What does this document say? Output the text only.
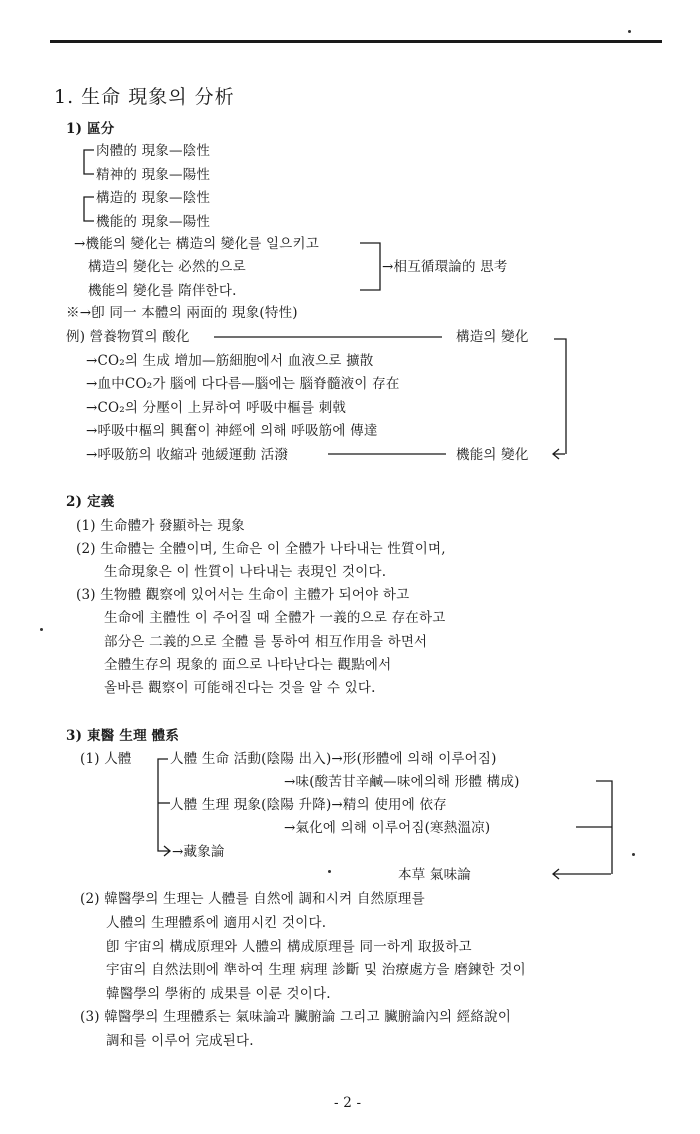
1. 生命 現象의 分析
1) 區分
肉體的 現象—陰性
精神的 現象—陽性
構造的 現象—陰性
機能的 現象—陽性
→機能의 變化는 構造의 變化를 일으키고
構造의 變化는 必然的으로
機能의 變化를 隋伴한다.
→相互循環論的 思考
※→卽 同一 本體의 兩面的 現象(特性)
例) 營養物質의 酸化	構造의 變化
→CO₂의 生成 增加—筋細胞에서 血液으로 擴散
→血中CO₂가 腦에 다다름—腦에는 腦脊髓液이 存在
→CO₂의 分壓이 上昇하여 呼吸中樞를 刺戟
→呼吸中樞의 興奮이 神經에 의해 呼吸筋에 傳達
→呼吸筋의 收縮과 弛緩運動 活潑	機能의 變化
2) 定義
(1) 生命體가 發顯하는 現象
(2) 生命體는 全體이며, 生命은 이 全體가 나타내는 性質이며,
生命現象은 이 性質이 나타내는 表現인 것이다.
(3) 生物體 觀察에 있어서는 生命이 主體가 되어야 하고
生命에 主體性 이 주어질 때 全體가 一義的으로 存在하고
部分은 二義的으로 全體 를 통하여 相互作用을 하면서
全體生存의 現象的 面으로 나타난다는 觀點에서
올바른 觀察이 可能해진다는 것을 알 수 있다.
3) 東醫 生理 體系
(1) 人體	人體 生命 活動(陰陽 出入)→形(形體에 의해 이루어짐)
→味(酸苦甘辛鹹—味에의해 形體 構成)
人體 生理 現象(陰陽 升降)→精의 使用에 依存
→氣化에 의해 이루어짐(寒熱溫凉)
→藏象論
本草 氣味論
(2) 韓醫學의 生理는 人體를 自然에 調和시켜 自然原理를
人體의 生理體系에 適用시킨 것이다.
卽 宇宙의 構成原理와 人體의 構成原理를 同一하게 取扱하고
宇宙의 自然法則에 準하여 生理 病理 診斷 및 治療處方을 磨鍊한 것이
韓醫學의 學術的 成果를 이룬 것이다.
(3) 韓醫學의 生理體系는 氣味論과 臟腑論 그리고 臟腑論內의 經絡說이
調和를 이루어 完成된다.
- 2 -
